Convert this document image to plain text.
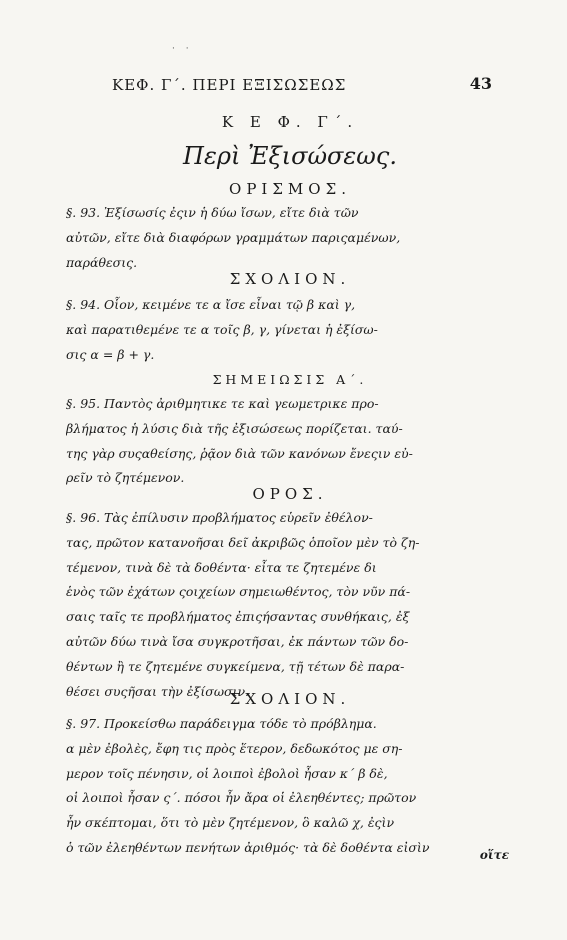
· ·
ΚΕΦ. Γ΄. ΠΕΡΙ ΕΞΙΣΩΣΕΩΣ	43
Κ Ε Φ. Γ΄.
Περὶ Ἐξισώσεως.
ΟΡΙΣΜΟΣ.
§. 93. Ἐξίσωσίς ἐςιν ἡ δύω ἴσων, εἴτε διὰ τῶν
αὐτῶν, εἴτε διὰ διαφόρων γραμμάτων παριςαμένων,
παράθεσις.
ΣΧΟΛΙΟΝ.
§. 94. Οἷον, κειμένε τε α ἴσε εἶναι τῷ β καὶ γ,
καὶ παρατιθεμένε τε α τοῖς β, γ, γίνεται ἡ ἐξίσω-
σις α = β + γ.
ΣΗΜΕΙΩΣΙΣ Α΄.
§. 95. Παντὸς ἀριθμητικε τε καὶ γεωμετρικε προ-
βλήματος ἡ λύσις διὰ τῆς ἐξισώσεως πορίζεται. ταύ-
της γὰρ συςαθείσης, ῥᾷον διὰ τῶν κανόνων ἔνεςιν εὐ-
ρεῖν τὸ ζητέμενον.
ΟΡΟΣ.
§. 96. Τὰς ἐπίλυσιν προβλήματος εὑρεῖν ἐθέλον-
τας, πρῶτον κατανοῆσαι δεῖ ἀκριβῶς ὁποῖον μὲν τὸ ζη-
τέμενον, τινὰ δὲ τὰ δοθέντα· εἶτα τε ζητεμένε δι
ἑνὸς τῶν ἐχάτων ςοιχείων σημειωθέντος, τὸν νῦν πά-
σαις ταῖς τε προβλήματος ἐπιςήσαντας συνθήκαις, ἐξ
αὐτῶν δύω τινὰ ἴσα συγκροτῆσαι, ἐκ πάντων τῶν δο-
θέντων ἢ τε ζητεμένε συγκείμενα, τῇ τέτων δὲ παρα-
θέσει συςῆσαι τὴν ἐξίσωσιν.
ΣΧΟΛΙΟΝ.
§. 97. Προκείσθω παράδειγμα τόδε τὸ πρόβλημα.
α μὲν ἐβολὲς, ἔφη τις πρὸς ἕτερον, δεδωκότος με ση-
μερον τοῖς πένησιν, οἱ λοιποὶ ἐβολοὶ ἦσαν κ΄ β δὲ,
οἱ λοιποὶ ἦσαν ς΄. πόσοι ἦν ἄρα οἱ ἐλεηθέντες; πρῶτον
ἦν σκέπτομαι, ὅτι τὸ μὲν ζητέμενον, ὃ καλῶ χ, ἐςὶν
ὁ τῶν ἐλεηθέντων πενήτων ἀριθμός· τὰ δὲ δοθέντα εἰσὶν
οἵτε
